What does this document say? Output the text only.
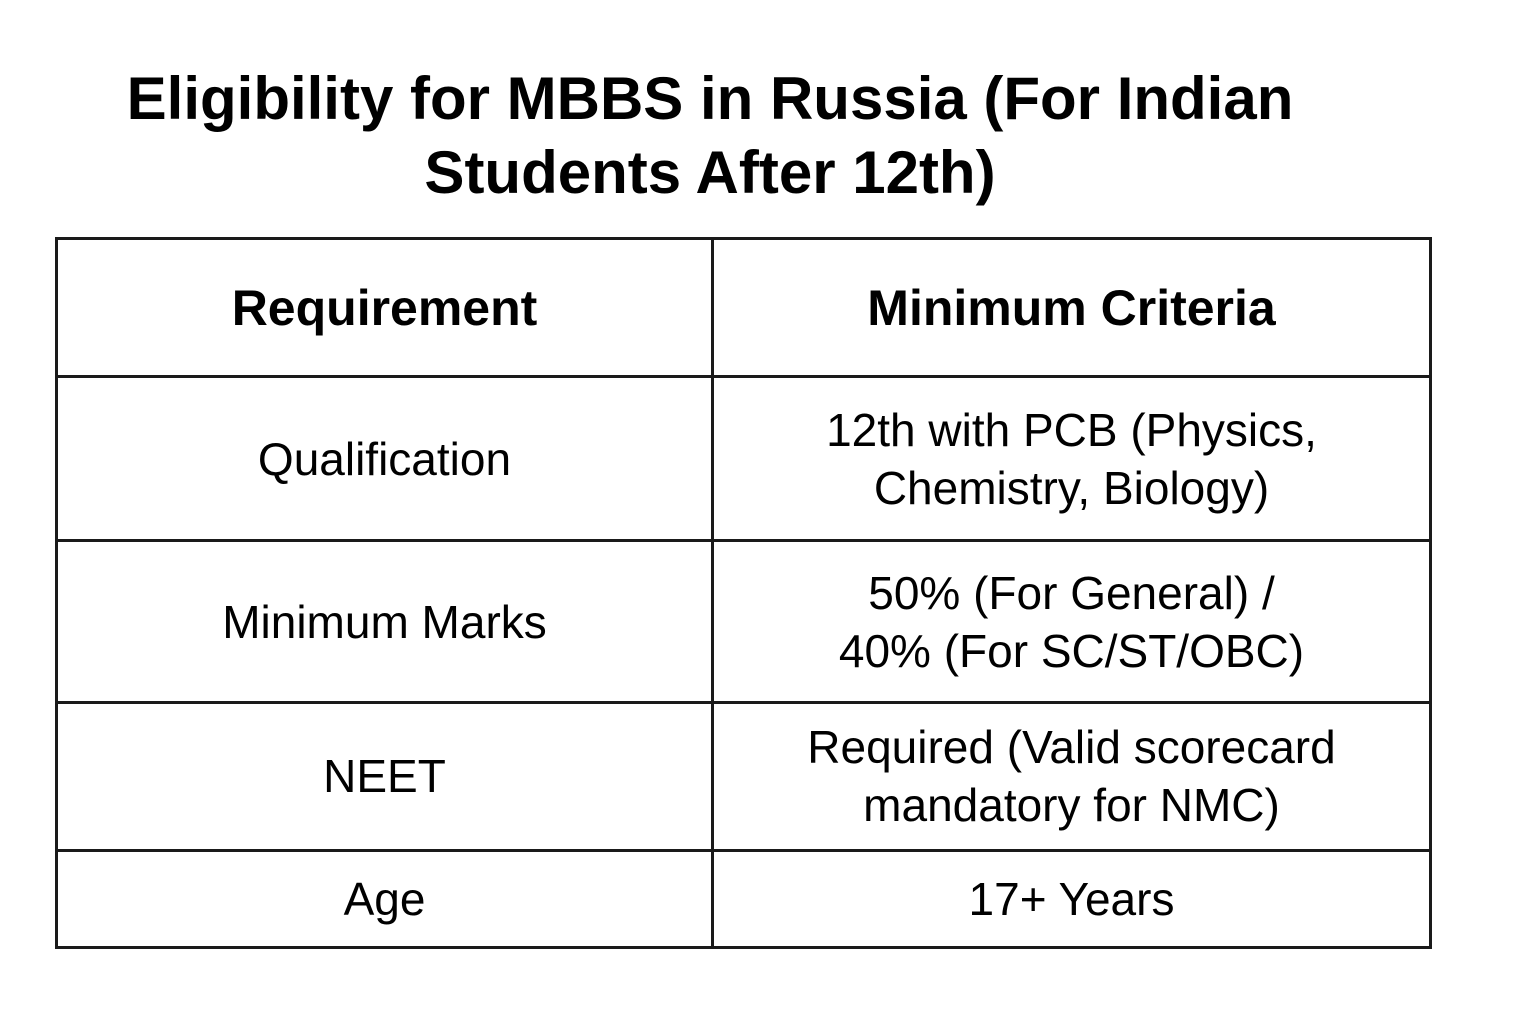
Eligibility for MBBS in Russia (For Indian
Students After 12th)
Requirement	Minimum Criteria
Qualification	12th with PCB (Physics,
Chemistry, Biology)

Minimum Marks	50% (For General) /
40% (For SC/ST/OBC)

NEET	Required (Valid scorecard
mandatory for NMC)

Age	17+ Years
